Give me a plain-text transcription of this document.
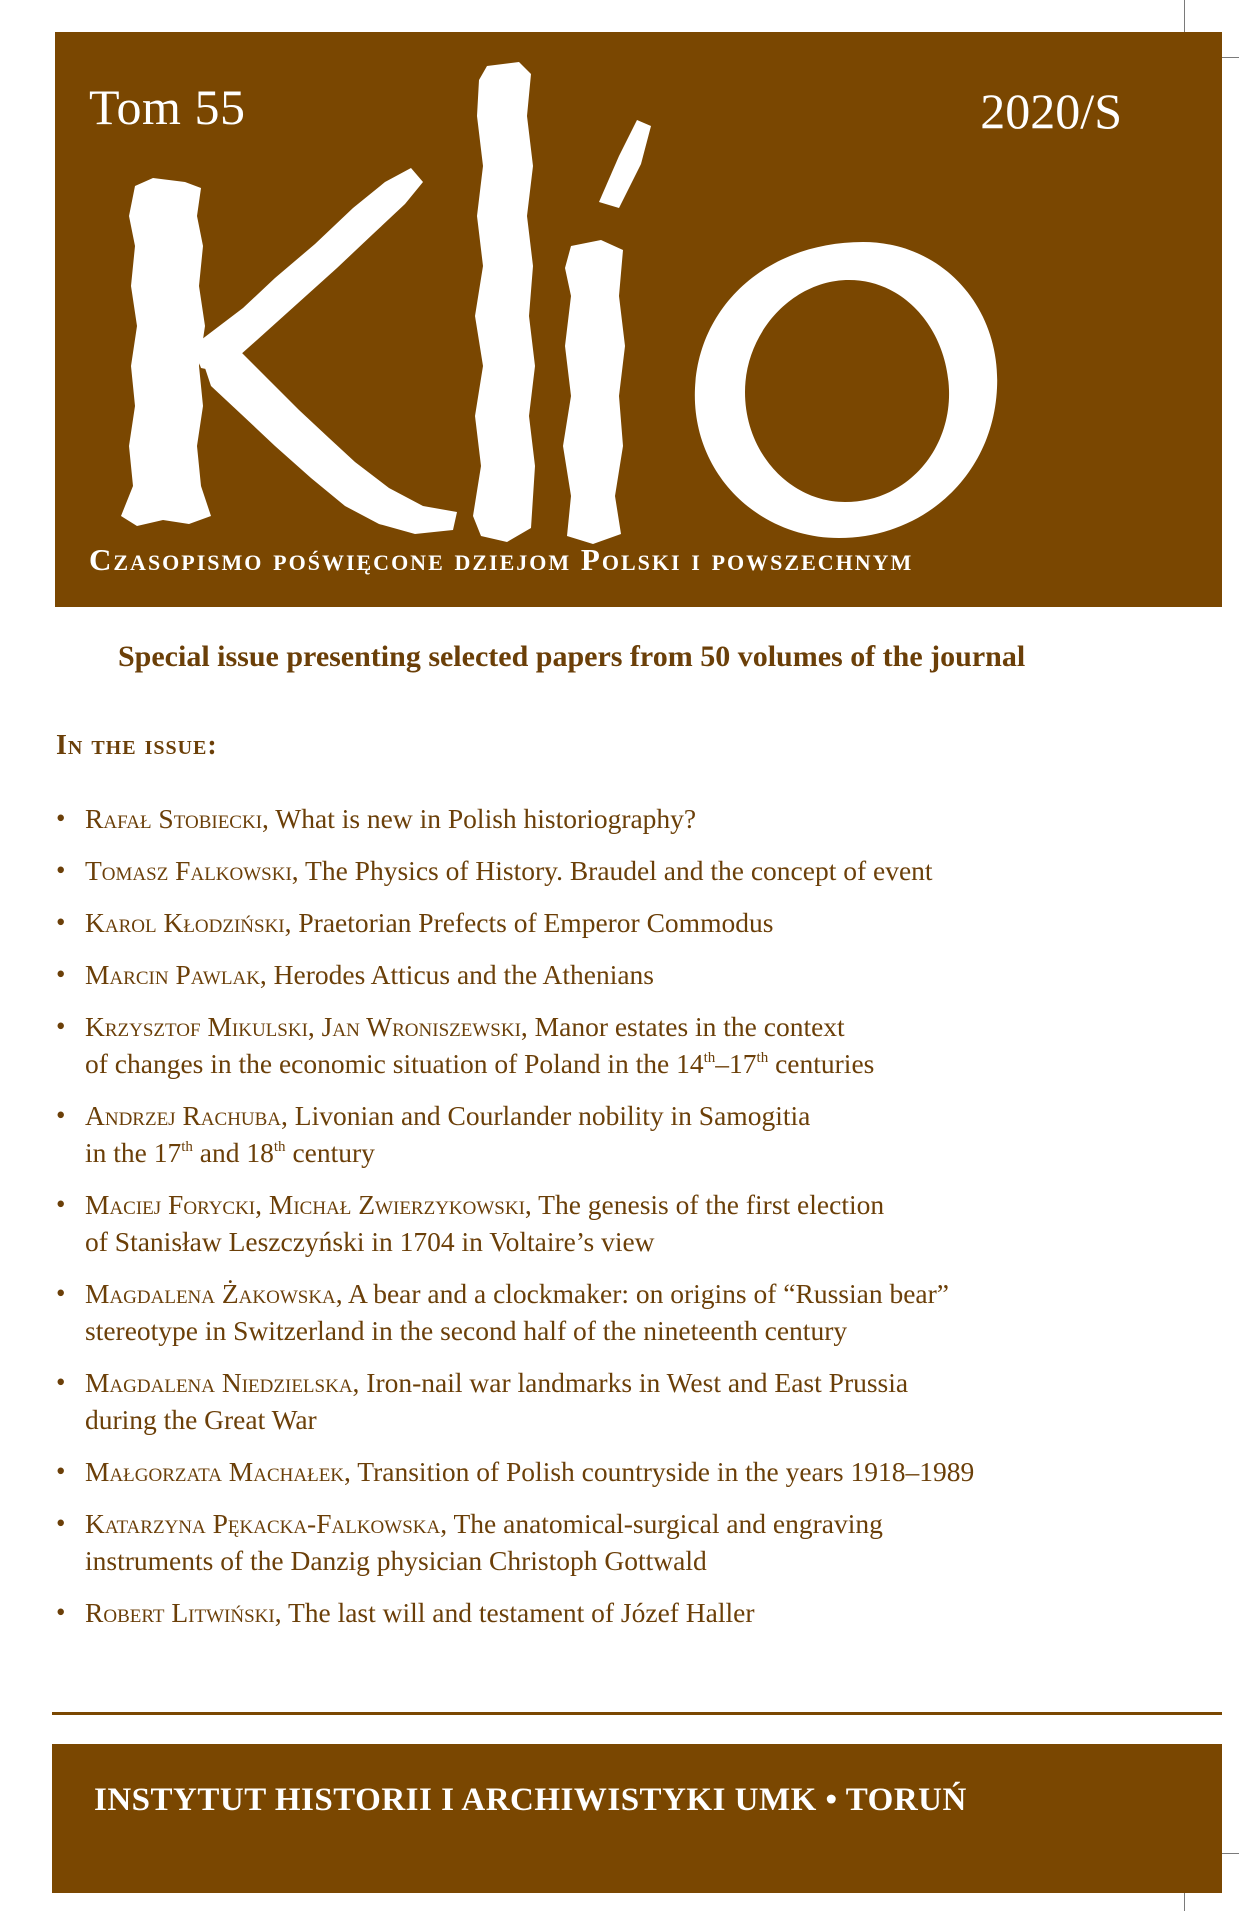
Tom 55	2020/S
Czasopismo poświęcone dziejom Polski i powszechnym
Special issue presenting selected papers from 50 volumes of the journal
In the issue:
• Rafał Stobiecki, What is new in Polish historiography?
• Tomasz Falkowski, The Physics of History. Braudel and the concept of event
• Karol Kłodziński, Praetorian Prefects of Emperor Commodus
• Marcin Pawlak, Herodes Atticus and the Athenians
• Krzysztof Mikulski, Jan Wroniszewski, Manor estates in the context
of changes in the economic situation of Poland in the 14th–17th centuries
• Andrzej Rachuba, Livonian and Courlander nobility in Samogitia
in the 17th and 18th century
• Maciej Forycki, Michał Zwierzykowski, The genesis of the first election
of Stanisław Leszczyński in 1704 in Voltaire’s view
• Magdalena Żakowska, A bear and a clockmaker: on origins of “Russian bear”
stereotype in Switzerland in the second half of the nineteenth century
• Magdalena Niedzielska, Iron-nail war landmarks in West and East Prussia
during the Great War
• Małgorzata Machałek, Transition of Polish countryside in the years 1918–1989
• Katarzyna Pękacka-Falkowska, The anatomical-surgical and engraving
instruments of the Danzig physician Christoph Gottwald
• Robert Litwiński, The last will and testament of Józef Haller
INSTYTUT HISTORII I ARCHIWISTYKI UMK • TORUŃ
